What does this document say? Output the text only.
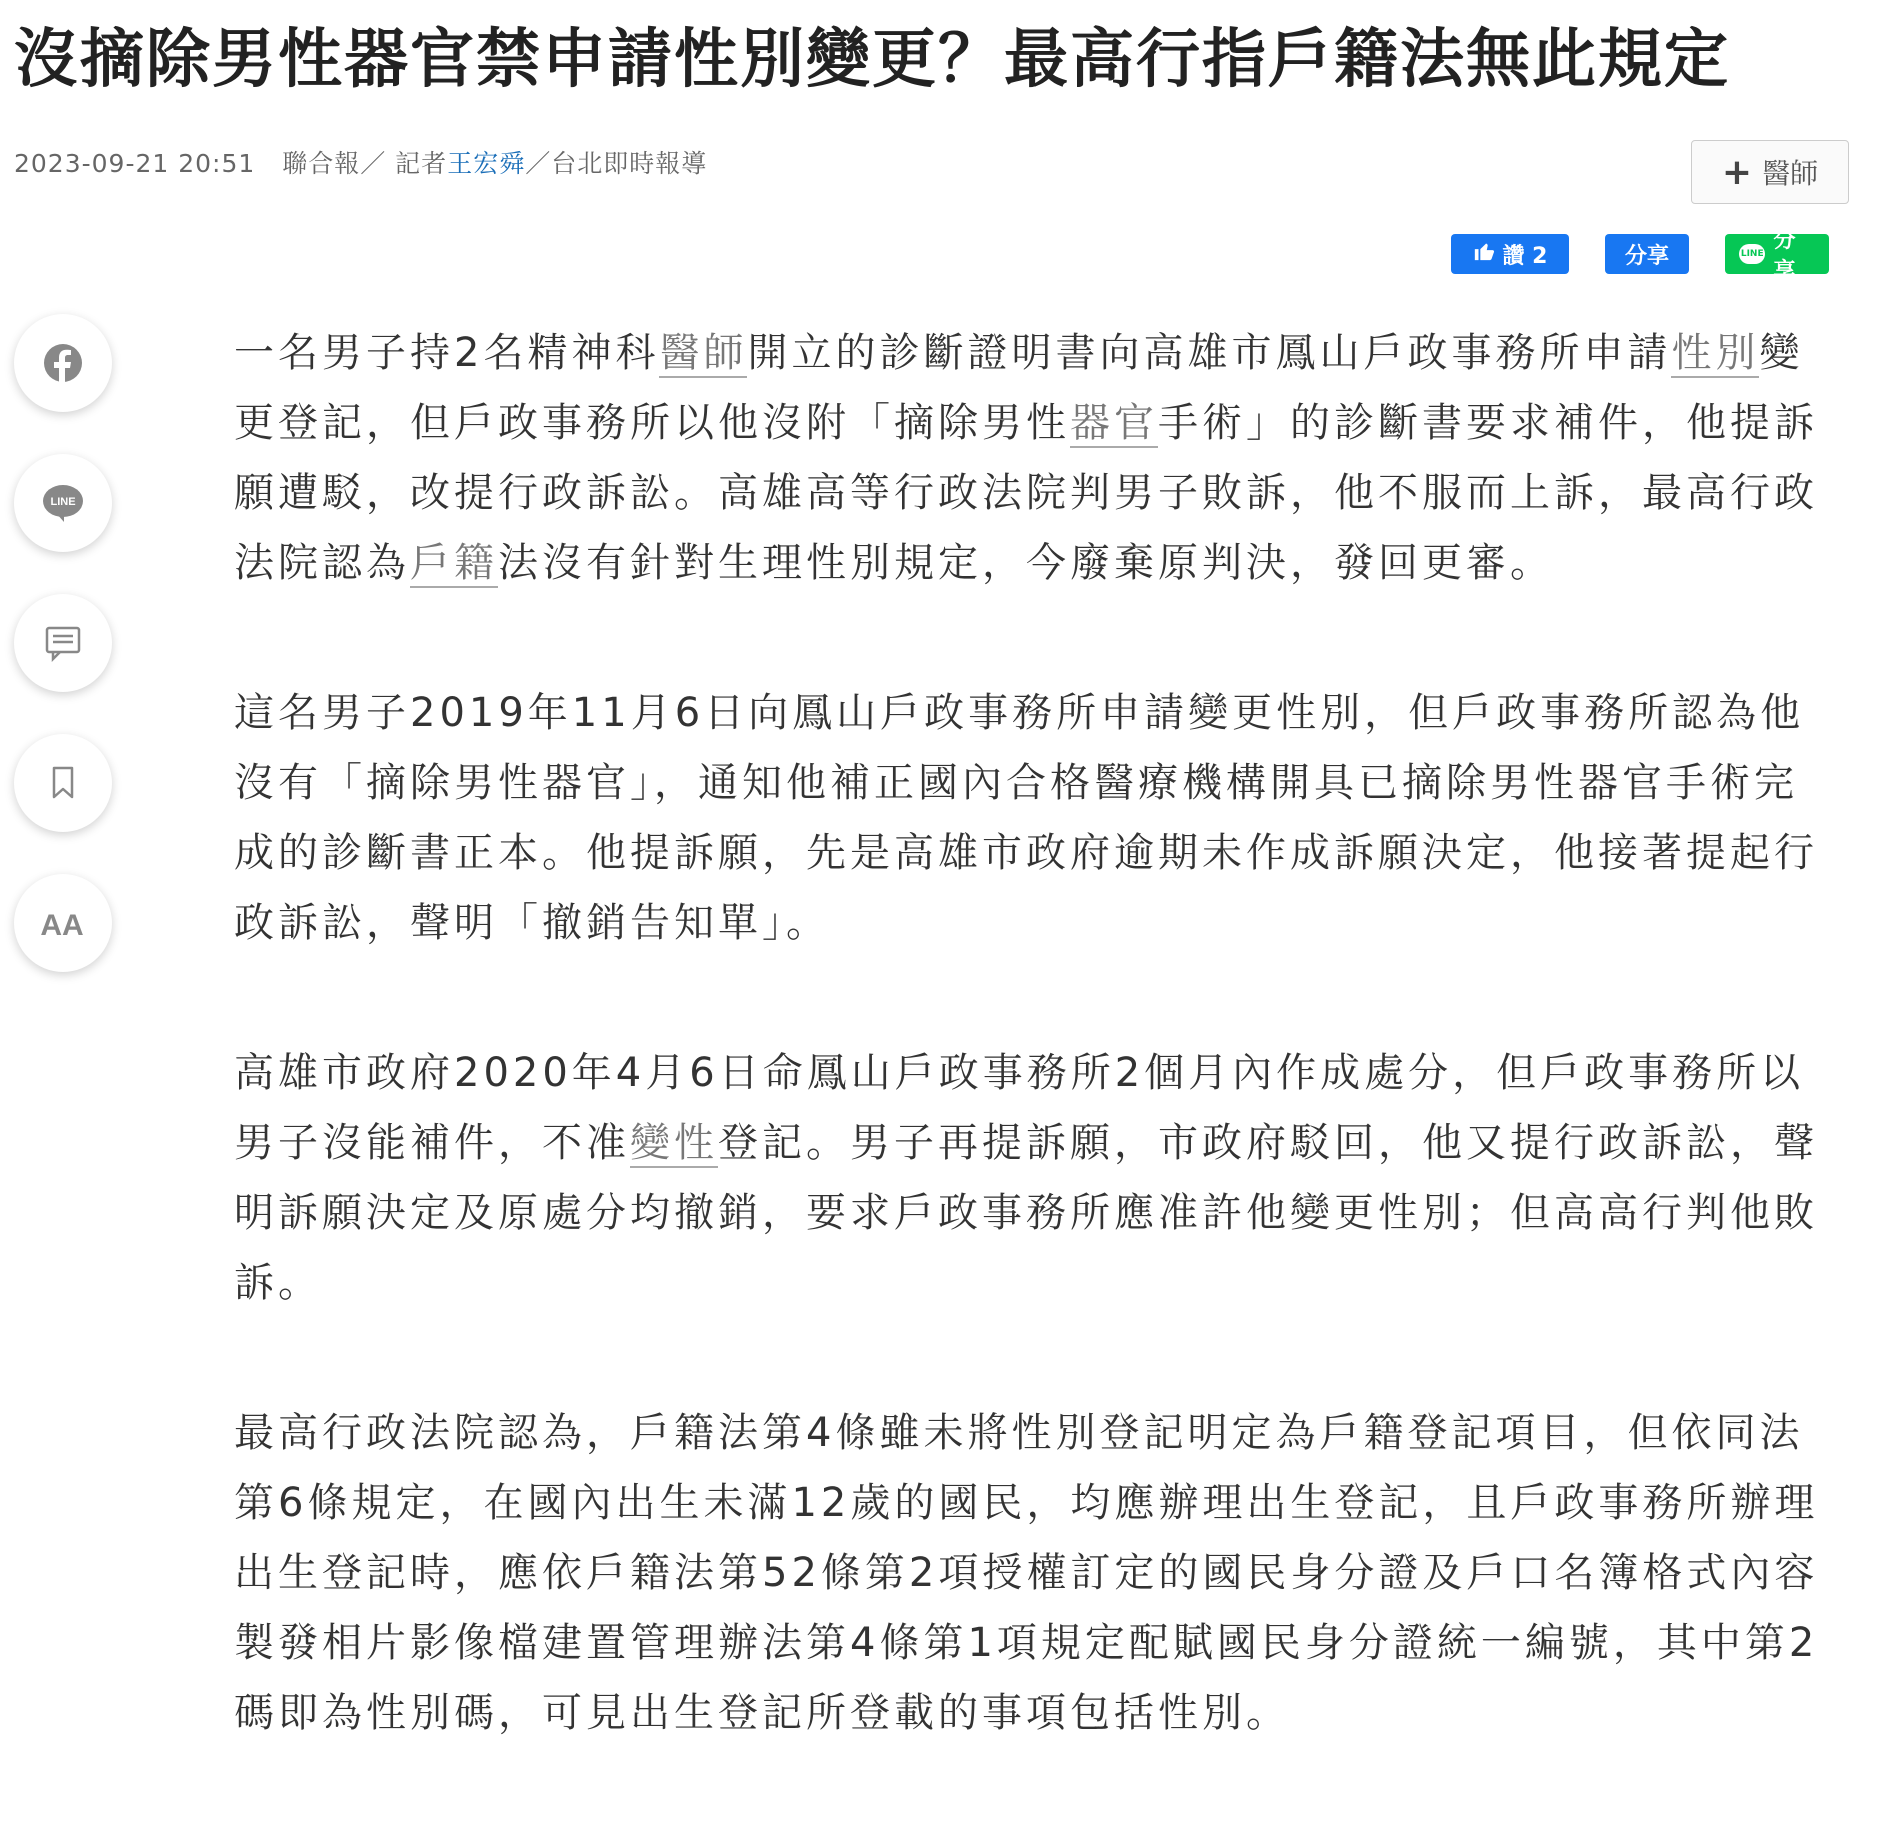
沒摘除男性器官禁申請性別變更？最高行指戶籍法無此規定
2023-09-21 20:51 聯合報／ 記者王宏舜／台北即時報導	+ 醫師
讚 2	分享	LINE
分享
LINE
AA

一名男子持2名精神科醫師開立的診斷證明書向高雄市鳳山戶政事務所申請性別變更登記，但戶政事務所以他沒附「摘除男性器官手術」的診斷書要求補件，他提訴願遭駁，改提行政訴訟。高雄高等行政法院判男子敗訴，他不服而上訴，最高行政法院認為戶籍法沒有針對生理性別規定，今廢棄原判決，發回更審。

這名男子2019年11月6日向鳳山戶政事務所申請變更性別，但戶政事務所認為他沒有「摘除男性器官」，通知他補正國內合格醫療機構開具已摘除男性器官手術完成的診斷書正本。他提訴願，先是高雄市政府逾期未作成訴願決定，他接著提起行政訴訟，聲明「撤銷告知單」。

高雄市政府2020年4月6日命鳳山戶政事務所2個月內作成處分，但戶政事務所以男子沒能補件，不准變性登記。男子再提訴願，市政府駁回，他又提行政訴訟，聲明訴願決定及原處分均撤銷，要求戶政事務所應准許他變更性別；但高高行判他敗訴。

最高行政法院認為，戶籍法第4條雖未將性別登記明定為戶籍登記項目，但依同法第6條規定，在國內出生未滿12歲的國民，均應辦理出生登記，且戶政事務所辦理出生登記時，應依戶籍法第52條第2項授權訂定的國民身分證及戶口名簿格式內容製發相片影像檔建置管理辦法第4條第1項規定配賦國民身分證統一編號，其中第2碼即為性別碼，可見出生登記所登載的事項包括性別。
